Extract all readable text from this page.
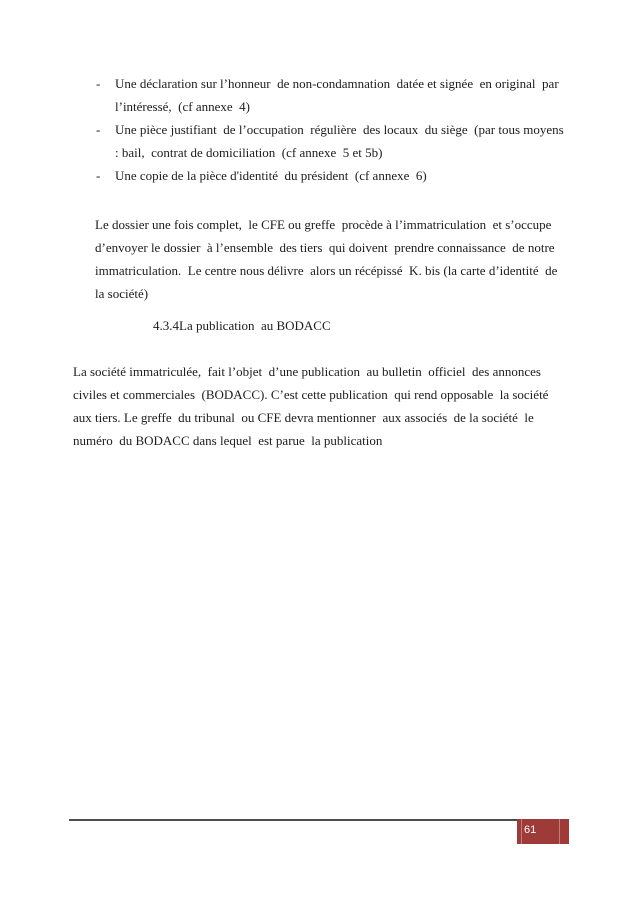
- Une déclaration sur l’honneur  de non-condamnation  datée et signée  en original  par l’intéressé,  (cf annexe  4)
- Une pièce justifiant  de l’occupation  régulière  des locaux  du siège  (par tous moyens  : bail,  contrat de domiciliation  (cf annexe  5 et 5b)
- Une copie de la pièce d'identité  du président  (cf annexe  6)
Le dossier une fois complet,  le CFE ou greffe  procède à l’immatriculation  et s’occupe d’envoyer le dossier  à l’ensemble  des tiers  qui doivent  prendre connaissance  de notre immatriculation.  Le centre nous délivre  alors un récépissé  K. bis (la carte d’identité  de la société)
4.3.4La publication  au BODACC
La société immatriculée,  fait l’objet  d’une publication  au bulletin  officiel  des annonces  civiles et commerciales  (BODACC). C’est cette publication  qui rend opposable  la société  aux tiers. Le greffe  du tribunal  ou CFE devra mentionner  aux associés  de la société  le numéro  du BODACC dans lequel  est parue  la publication
61
